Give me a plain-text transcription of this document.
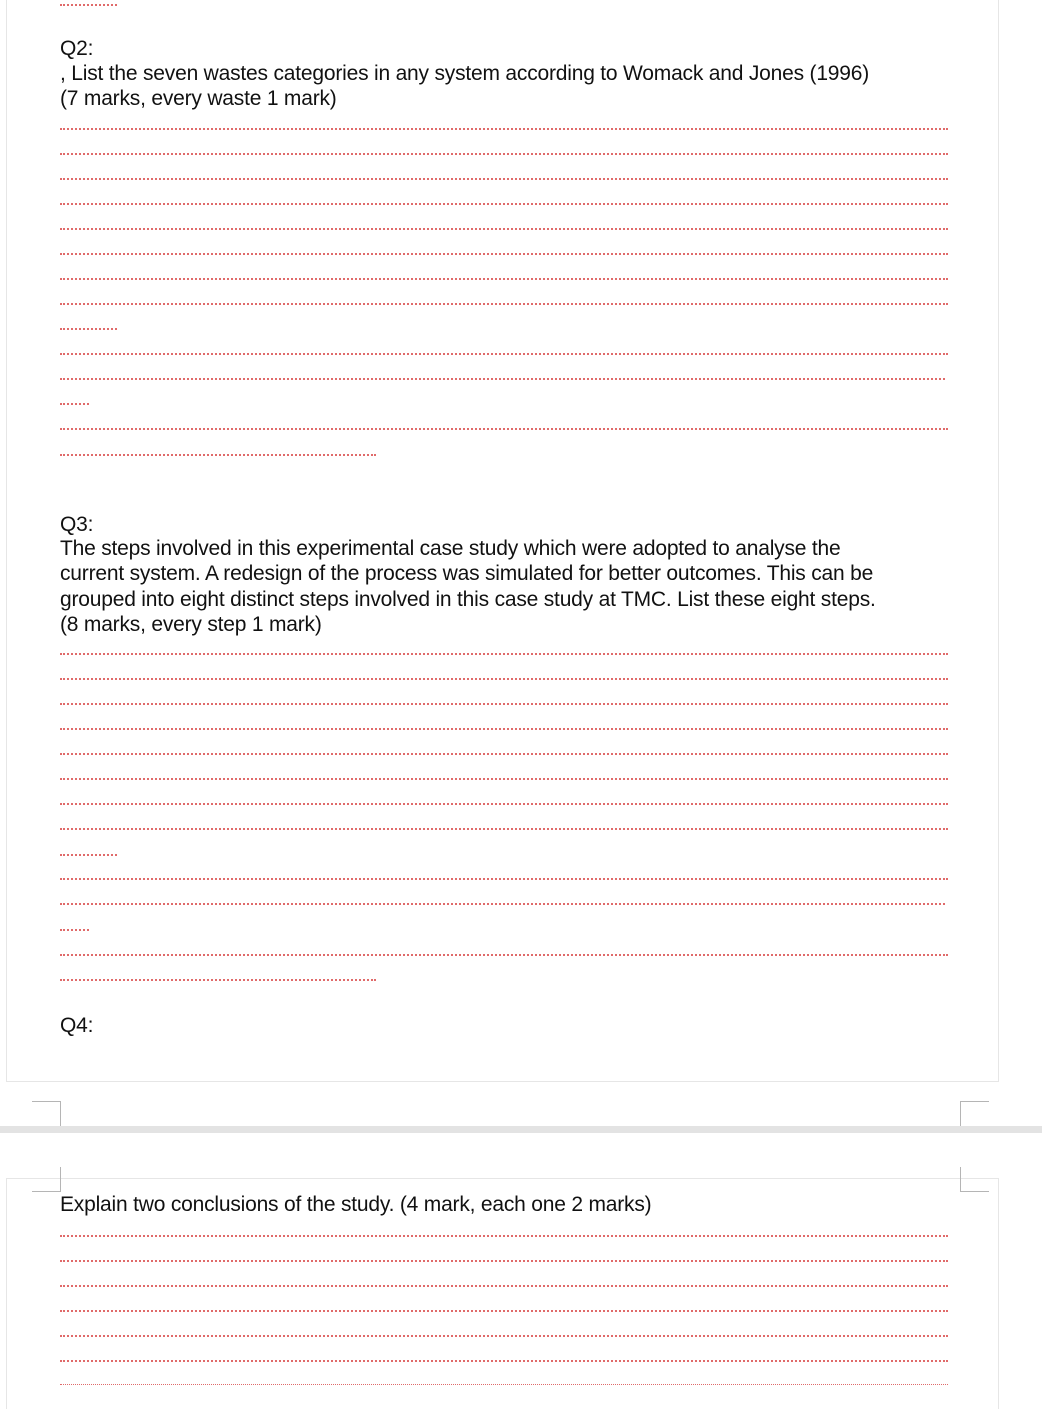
Q2:
, List the seven wastes categories in any system according to Womack and Jones (1996)
(7 marks, every waste 1 mark)
Q3:
The steps involved in this experimental case study which were adopted to analyse the
current system. A redesign of the process was simulated for better outcomes. This can be
grouped into eight distinct steps involved in this case study at TMC. List these eight steps.
(8 marks, every step 1 mark)
Q4:
Explain two conclusions of the study. (4 mark, each one 2 marks)
